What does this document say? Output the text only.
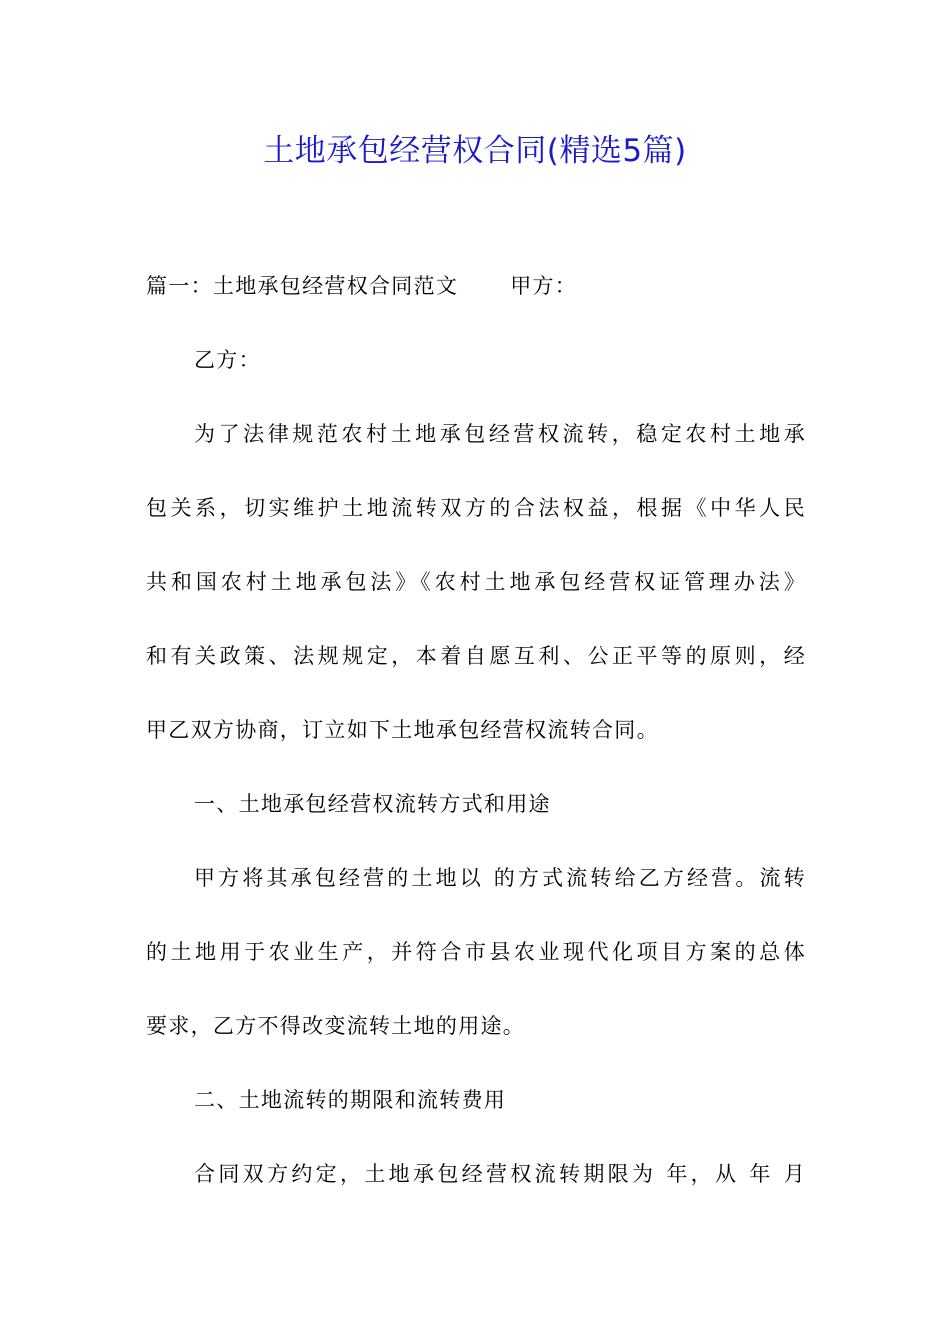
土地承包经营权合同(精选5篇)
篇一：土地承包经营权合同范文 甲方：
乙方：
为了法律规范农村土地承包经营权流转，稳定农村土地承
包关系，切实维护土地流转双方的合法权益，根据《中华人民
共和国农村土地承包法》《农村土地承包经营权证管理办法》
和有关政策、法规规定，本着自愿互利、公正平等的原则，经
甲乙双方协商，订立如下土地承包经营权流转合同。
一、土地承包经营权流转方式和用途
甲方将其承包经营的土地以 的方式流转给乙方经营。流转
的土地用于农业生产，并符合市县农业现代化项目方案的总体
要求，乙方不得改变流转土地的用途。
二、土地流转的期限和流转费用
合同双方约定，土地承包经营权流转期限为 年，从 年 月
